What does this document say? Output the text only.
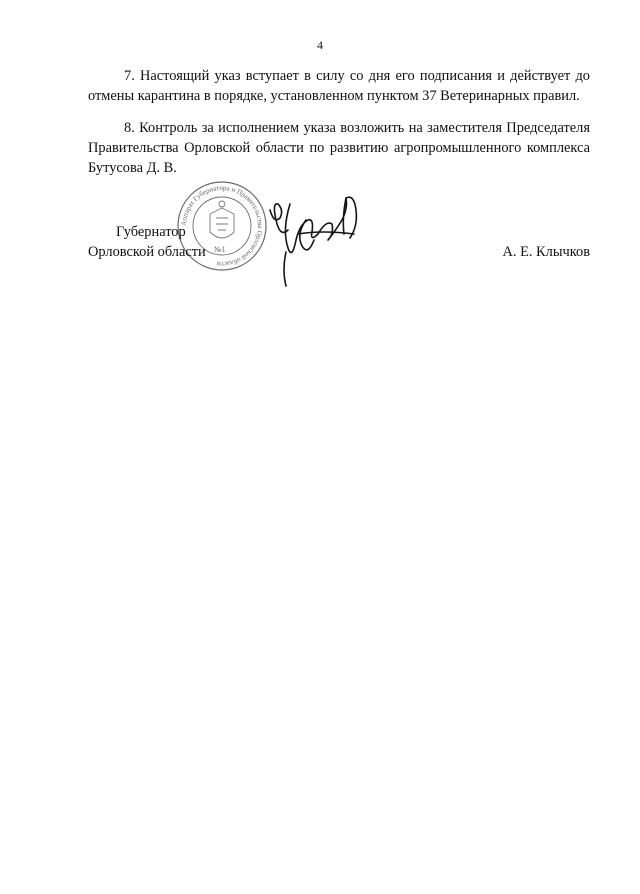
4
7. Настоящий указ вступает в силу со дня его подписания и действует до отмены карантина в порядке, установленном пунктом 37 Ветеринарных правил.
8. Контроль за исполнением указа возложить на заместителя Председателя Правительства Орловской области по развитию агропромышленного комплекса Бутусова Д. В.
Аппарат Губернатора и Правительства Орловской области
№1
Губернатор
Орловской области	А. Е. Клычков
